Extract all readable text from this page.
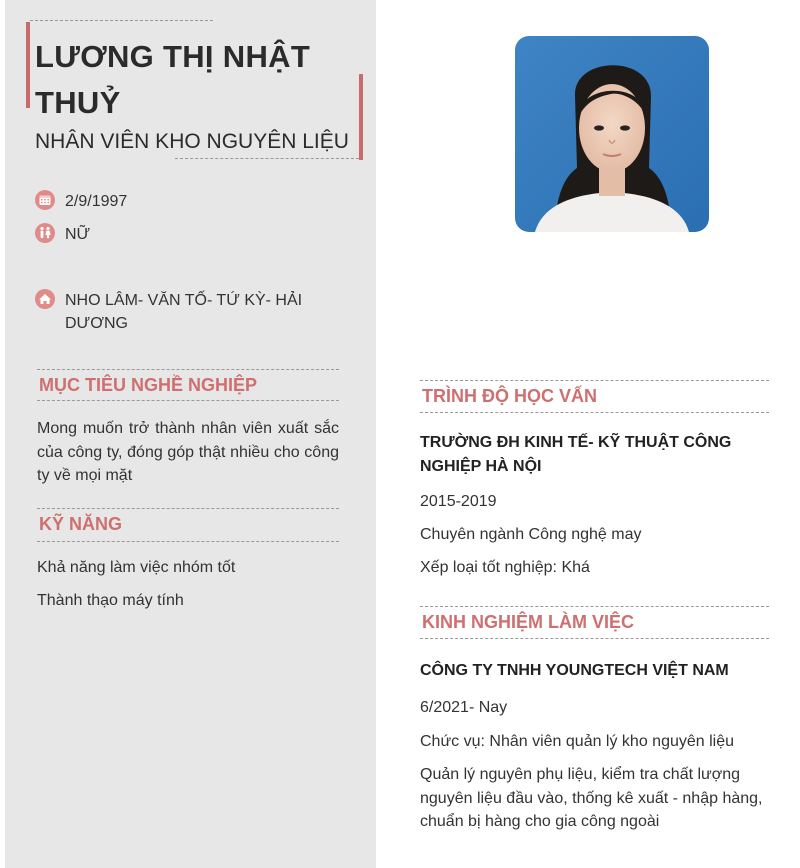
LƯƠNG THỊ NHẬT THUỶ
NHÂN VIÊN KHO NGUYÊN LIỆU
2/9/1997
NỮ
NHO LÂM- VĂN TỐ- TỨ KỲ- HẢI DƯƠNG
MỤC TIÊU NGHỀ NGHIỆP
Mong muốn trở thành nhân viên xuất sắc của công ty, đóng góp thật nhiều cho công ty về mọi mặt
KỸ NĂNG
Khả năng làm việc nhóm tốt
Thành thạo máy tính
TRÌNH ĐỘ HỌC VẤN
TRƯỜNG ĐH KINH TẾ- KỸ THUẬT CÔNG NGHIỆP HÀ NỘI
2015-2019
Chuyên ngành Công nghệ may
Xếp loại tốt nghiệp: Khá
KINH NGHIỆM LÀM VIỆC
CÔNG TY TNHH YOUNGTECH VIỆT NAM
6/2021- Nay
Chức vụ: Nhân viên quản lý kho nguyên liệu
Quản lý nguyên phụ liệu, kiểm tra chất lượng nguyên liệu đầu vào, thống kê xuất - nhập hàng, chuẩn bị hàng cho gia công ngoài
